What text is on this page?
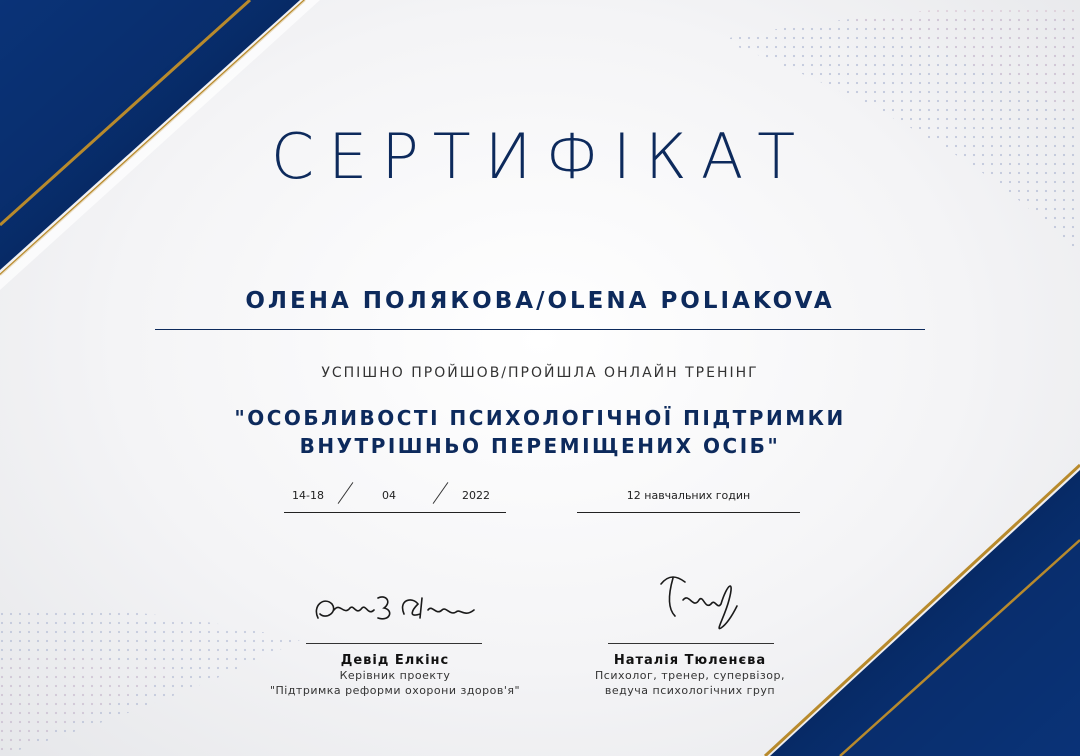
СЕРТИФІКАТ
ОЛЕНА ПОЛЯКОВА/OLENA POLIAKOVA
УСПІШНО ПРОЙШОВ/ПРОЙШЛА ОНЛАЙН ТРЕНІНГ
"ОСОБЛИВОСТІ ПСИХОЛОГІЧНОЇ ПІДТРИМКИ
ВНУТРІШНЬО ПЕРЕМІЩЕНИХ ОСІБ"
14-18	04	2022	12 навчальних годин
Девід Елкінс
Керівник проекту
"Підтримка реформи охорони здоров'я"
Наталія Тюленєва
Психолог, тренер, супервізор,
ведуча психологічних груп
